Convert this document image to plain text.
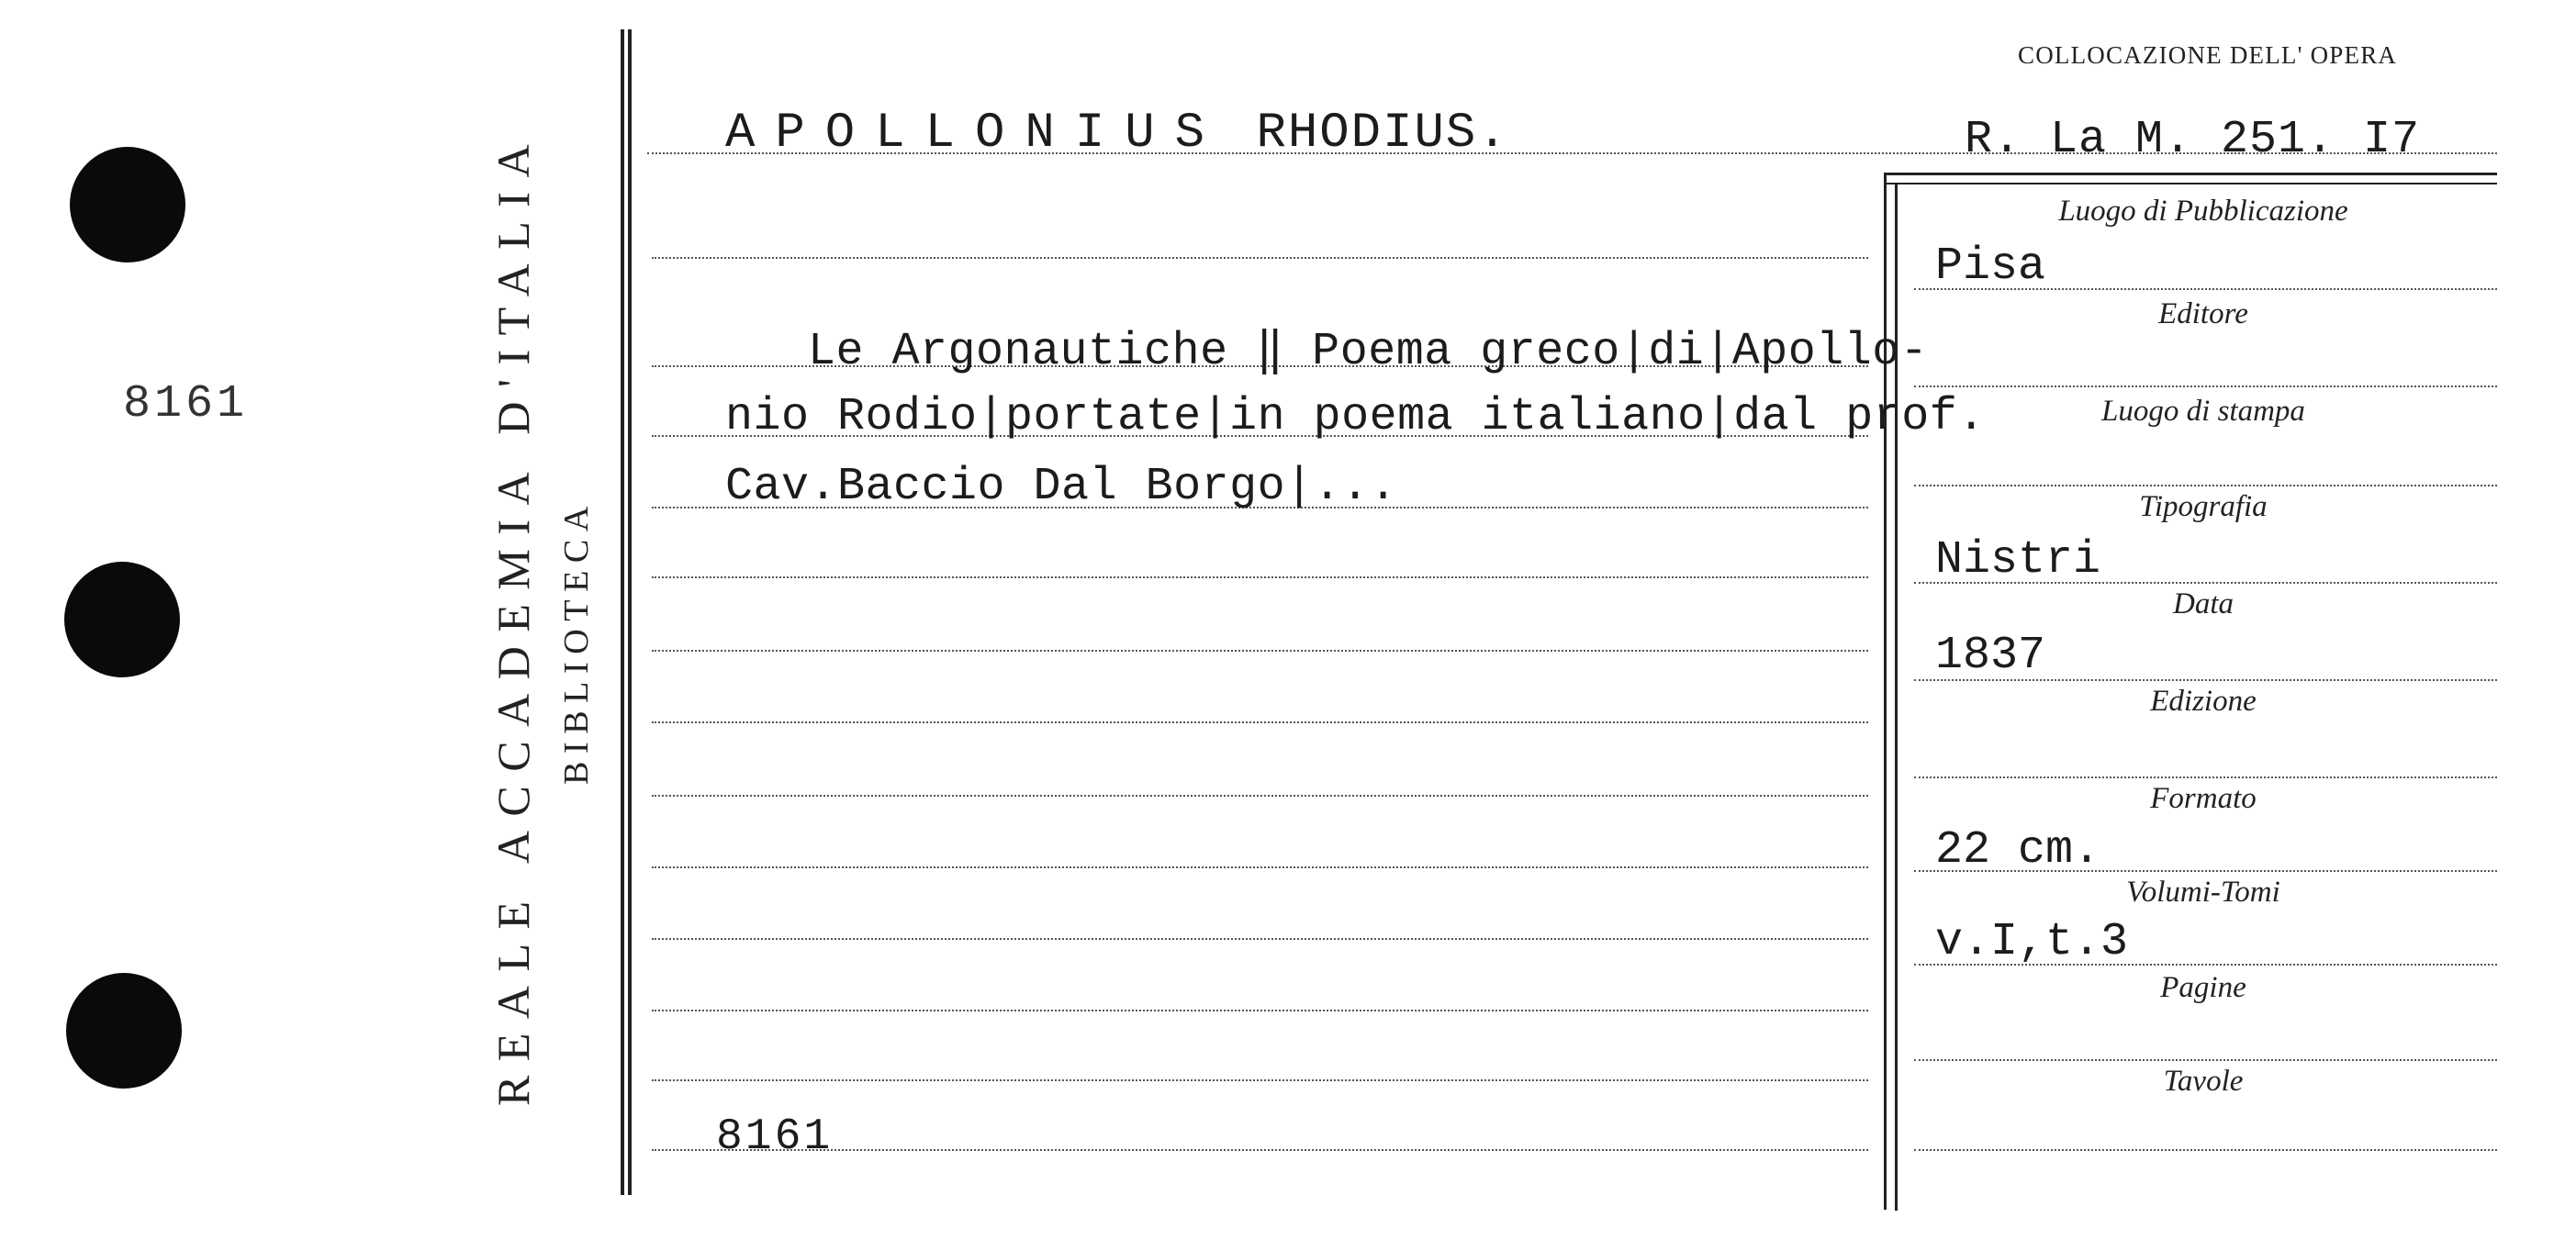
8161	REALE ACCADEMIA D'ITALIA BIBLIOTECA
COLLOCAZIONE DELL' OPERA
APOLLONIUS RHODIUS.	R. La M. 251. I7
Le Argonautiche ‖ Poema greco|di|Apollo-
nio Rodio|portate|in poema italiano|dal prof.
Cav.Baccio Dal Borgo|...
8161
Luogo di Pubblicazione
Pisa
Editore
Luogo di stampa
Tipografia
Nistri
Data
1837
Edizione
Formato
22 cm.
Volumi-Tomi
v.I,t.3
Pagine
Tavole
